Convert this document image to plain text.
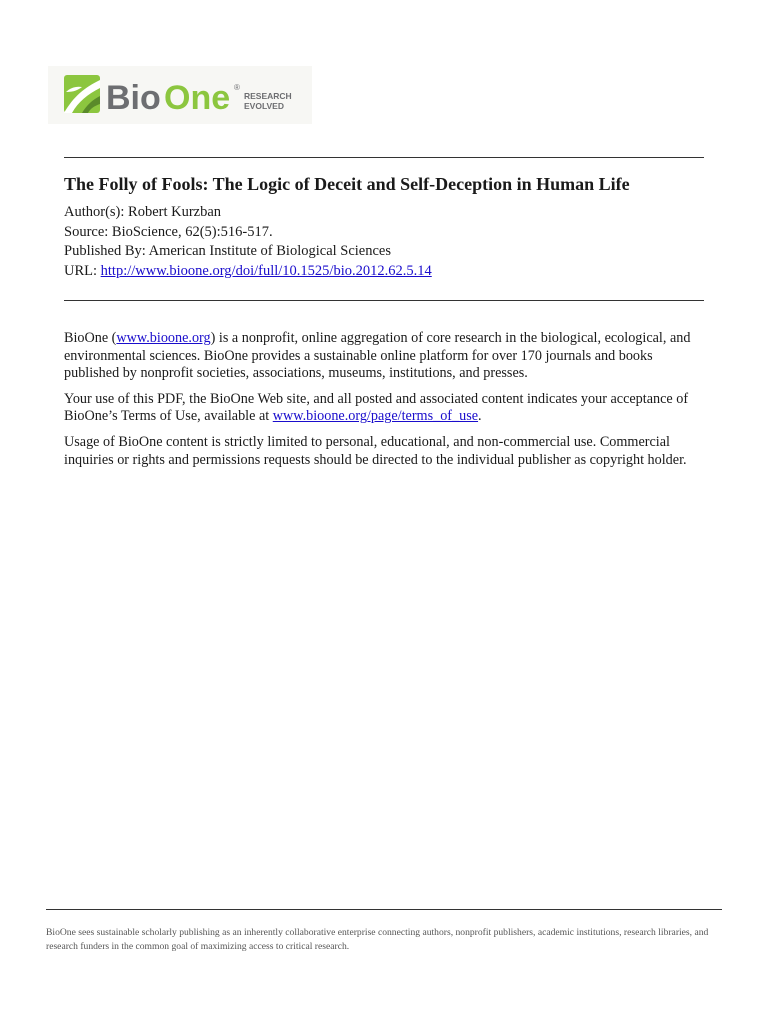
Bio One ®
RESEARCH
EVOLVED
The Folly of Fools: The Logic of Deceit and Self-Deception in Human Life
Author(s): Robert Kurzban
Source: BioScience, 62(5):516-517.
Published By: American Institute of Biological Sciences
URL: http://www.bioone.org/doi/full/10.1525/bio.2012.62.5.14

BioOne (www.bioone.org) is a nonprofit, online aggregation of core research in the biological, ecological, and environmental sciences. BioOne provides a sustainable online platform for over 170 journals and books published by nonprofit societies, associations, museums, institutions, and presses.

Your use of this PDF, the BioOne Web site, and all posted and associated content indicates your acceptance of BioOne’s Terms of Use, available at www.bioone.org/page/terms_of_use.

Usage of BioOne content is strictly limited to personal, educational, and non-commercial use. Commercial inquiries or rights and permissions requests should be directed to the individual publisher as copyright holder.

BioOne sees sustainable scholarly publishing as an inherently collaborative enterprise connecting authors, nonprofit publishers, academic institutions, research libraries, and research funders in the common goal of maximizing access to critical research.
